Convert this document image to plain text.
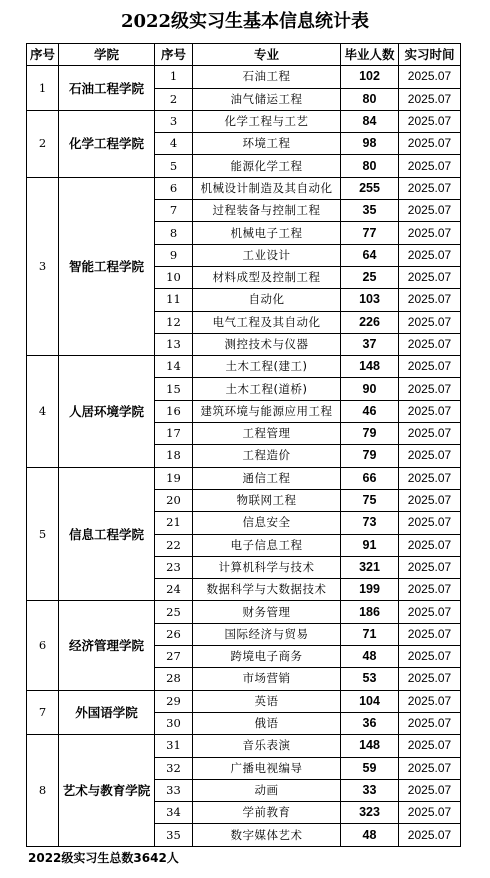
2022级实习生基本信息统计表
序号	学院	序号	专业	毕业人数	实习时间
1	石油工程学院	1	石油工程	102	2025.07
		2	油气储运工程	80	2025.07
2	化学工程学院	3	化学工程与工艺	84	2025.07
		4	环境工程	98	2025.07
		5	能源化学工程	80	2025.07
3	智能工程学院	6	机械设计制造及其自动化	255	2025.07
		7	过程装备与控制工程	35	2025.07
		8	机械电子工程	77	2025.07
		9	工业设计	64	2025.07
		10	材料成型及控制工程	25	2025.07
		11	自动化	103	2025.07
		12	电气工程及其自动化	226	2025.07
		13	测控技术与仪器	37	2025.07
4	人居环境学院	14	土木工程(建工)	148	2025.07
		15	土木工程(道桥)	90	2025.07
		16	建筑环境与能源应用工程	46	2025.07
		17	工程管理	79	2025.07
		18	工程造价	79	2025.07
5	信息工程学院	19	通信工程	66	2025.07
		20	物联网工程	75	2025.07
		21	信息安全	73	2025.07
		22	电子信息工程	91	2025.07
		23	计算机科学与技术	321	2025.07
		24	数据科学与大数据技术	199	2025.07
6	经济管理学院	25	财务管理	186	2025.07
		26	国际经济与贸易	71	2025.07
		27	跨境电子商务	48	2025.07
		28	市场营销	53	2025.07
7	外国语学院	29	英语	104	2025.07
		30	俄语	36	2025.07
8	艺术与教育学院	31	音乐表演	148	2025.07
		32	广播电视编导	59	2025.07
		33	动画	33	2025.07
		34	学前教育	323	2025.07
		35	数字媒体艺术	48	2025.07
2022级实习生总数3642人
